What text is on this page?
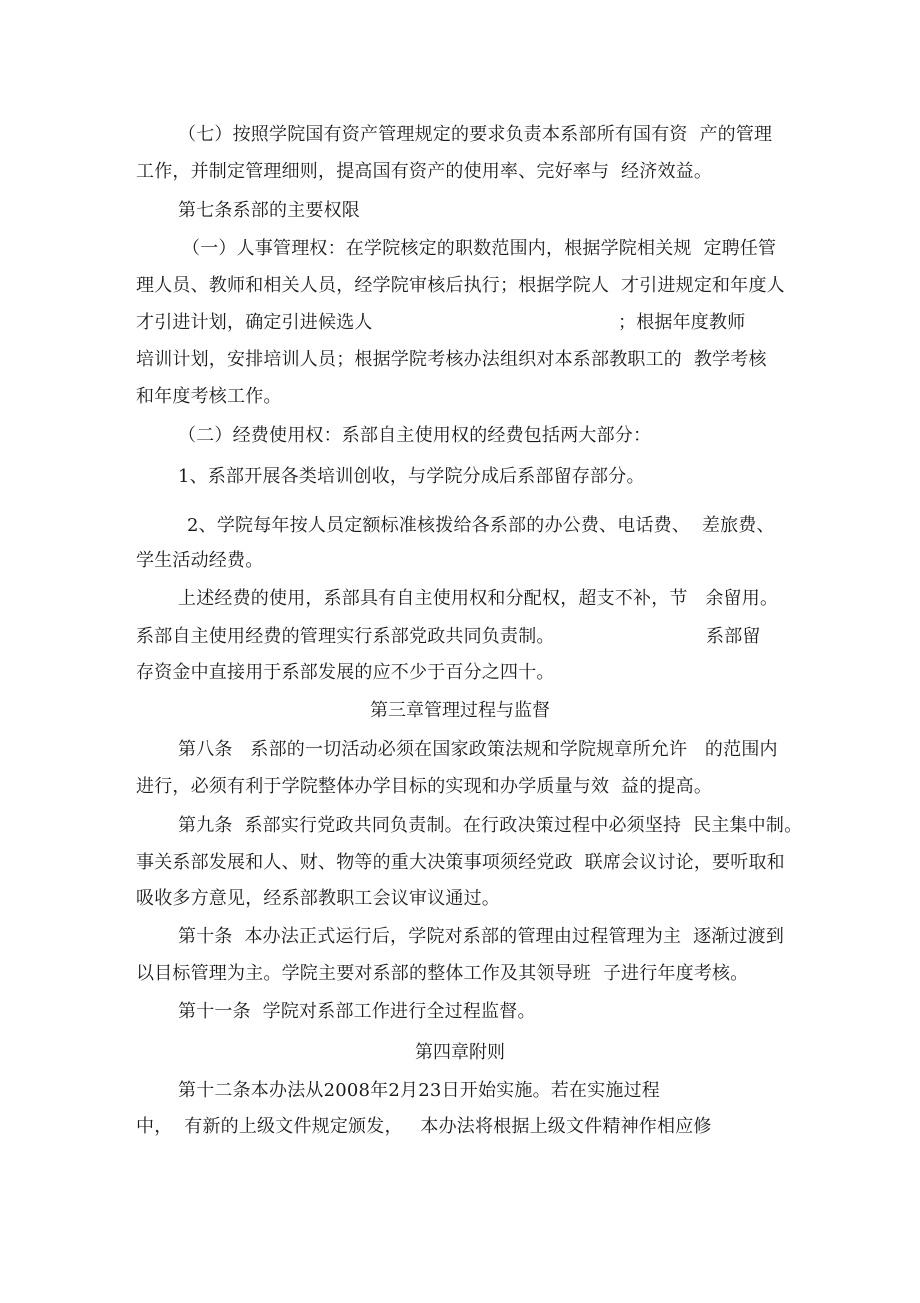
（七）按照学院国有资产管理规定的要求负责本系部所有国有资  产的管理
工作，并制定管理细则，提高国有资产的使用率、完好率与  经济效益。
第七条系部的主要权限
（一）人事管理权：在学院核定的职数范围内，根据学院相关规  定聘任管
理人员、教师和相关人员，经学院审核后执行；根据学院人  才引进规定和年度人
才引进计划，确定引进候选人	；根据年度教师
培训计划，安排培训人员；根据学院考核办法组织对本系部教职工的  教学考核
和年度考核工作。
（二）经费使用权：系部自主使用权的经费包括两大部分：
1、系部开展各类培训创收，与学院分成后系部留存部分。
2、学院每年按人员定额标准核拨给各系部的办公费、电话费、  差旅费、
学生活动经费。
上述经费的使用，系部具有自主使用权和分配权，超支不补，节   余留用。
系部自主使用经费的管理实行系部党政共同负责制。	系部留
存资金中直接用于系部发展的应不少于百分之四十。
第三章管理过程与监督
第八条   系部的一切活动必须在国家政策法规和学院规章所允许   的范围内
进行，必须有利于学院整体办学目标的实现和办学质量与效  益的提高。
第九条  系部实行党政共同负责制。在行政决策过程中必须坚持  民主集中制。
事关系部发展和人、财、物等的重大决策事项须经党政  联席会议讨论，要听取和
吸收多方意见，经系部教职工会议审议通过。
第十条  本办法正式运行后，学院对系部的管理由过程管理为主  逐渐过渡到
以目标管理为主。学院主要对系部的整体工作及其领导班  子进行年度考核。
第十一条  学院对系部工作进行全过程监督。
第四章附则
第十二条本办法从2008年2月23日开始实施。若在实施过程
中，  有新的上级文件规定颁发，   本办法将根据上级文件精神作相应修
